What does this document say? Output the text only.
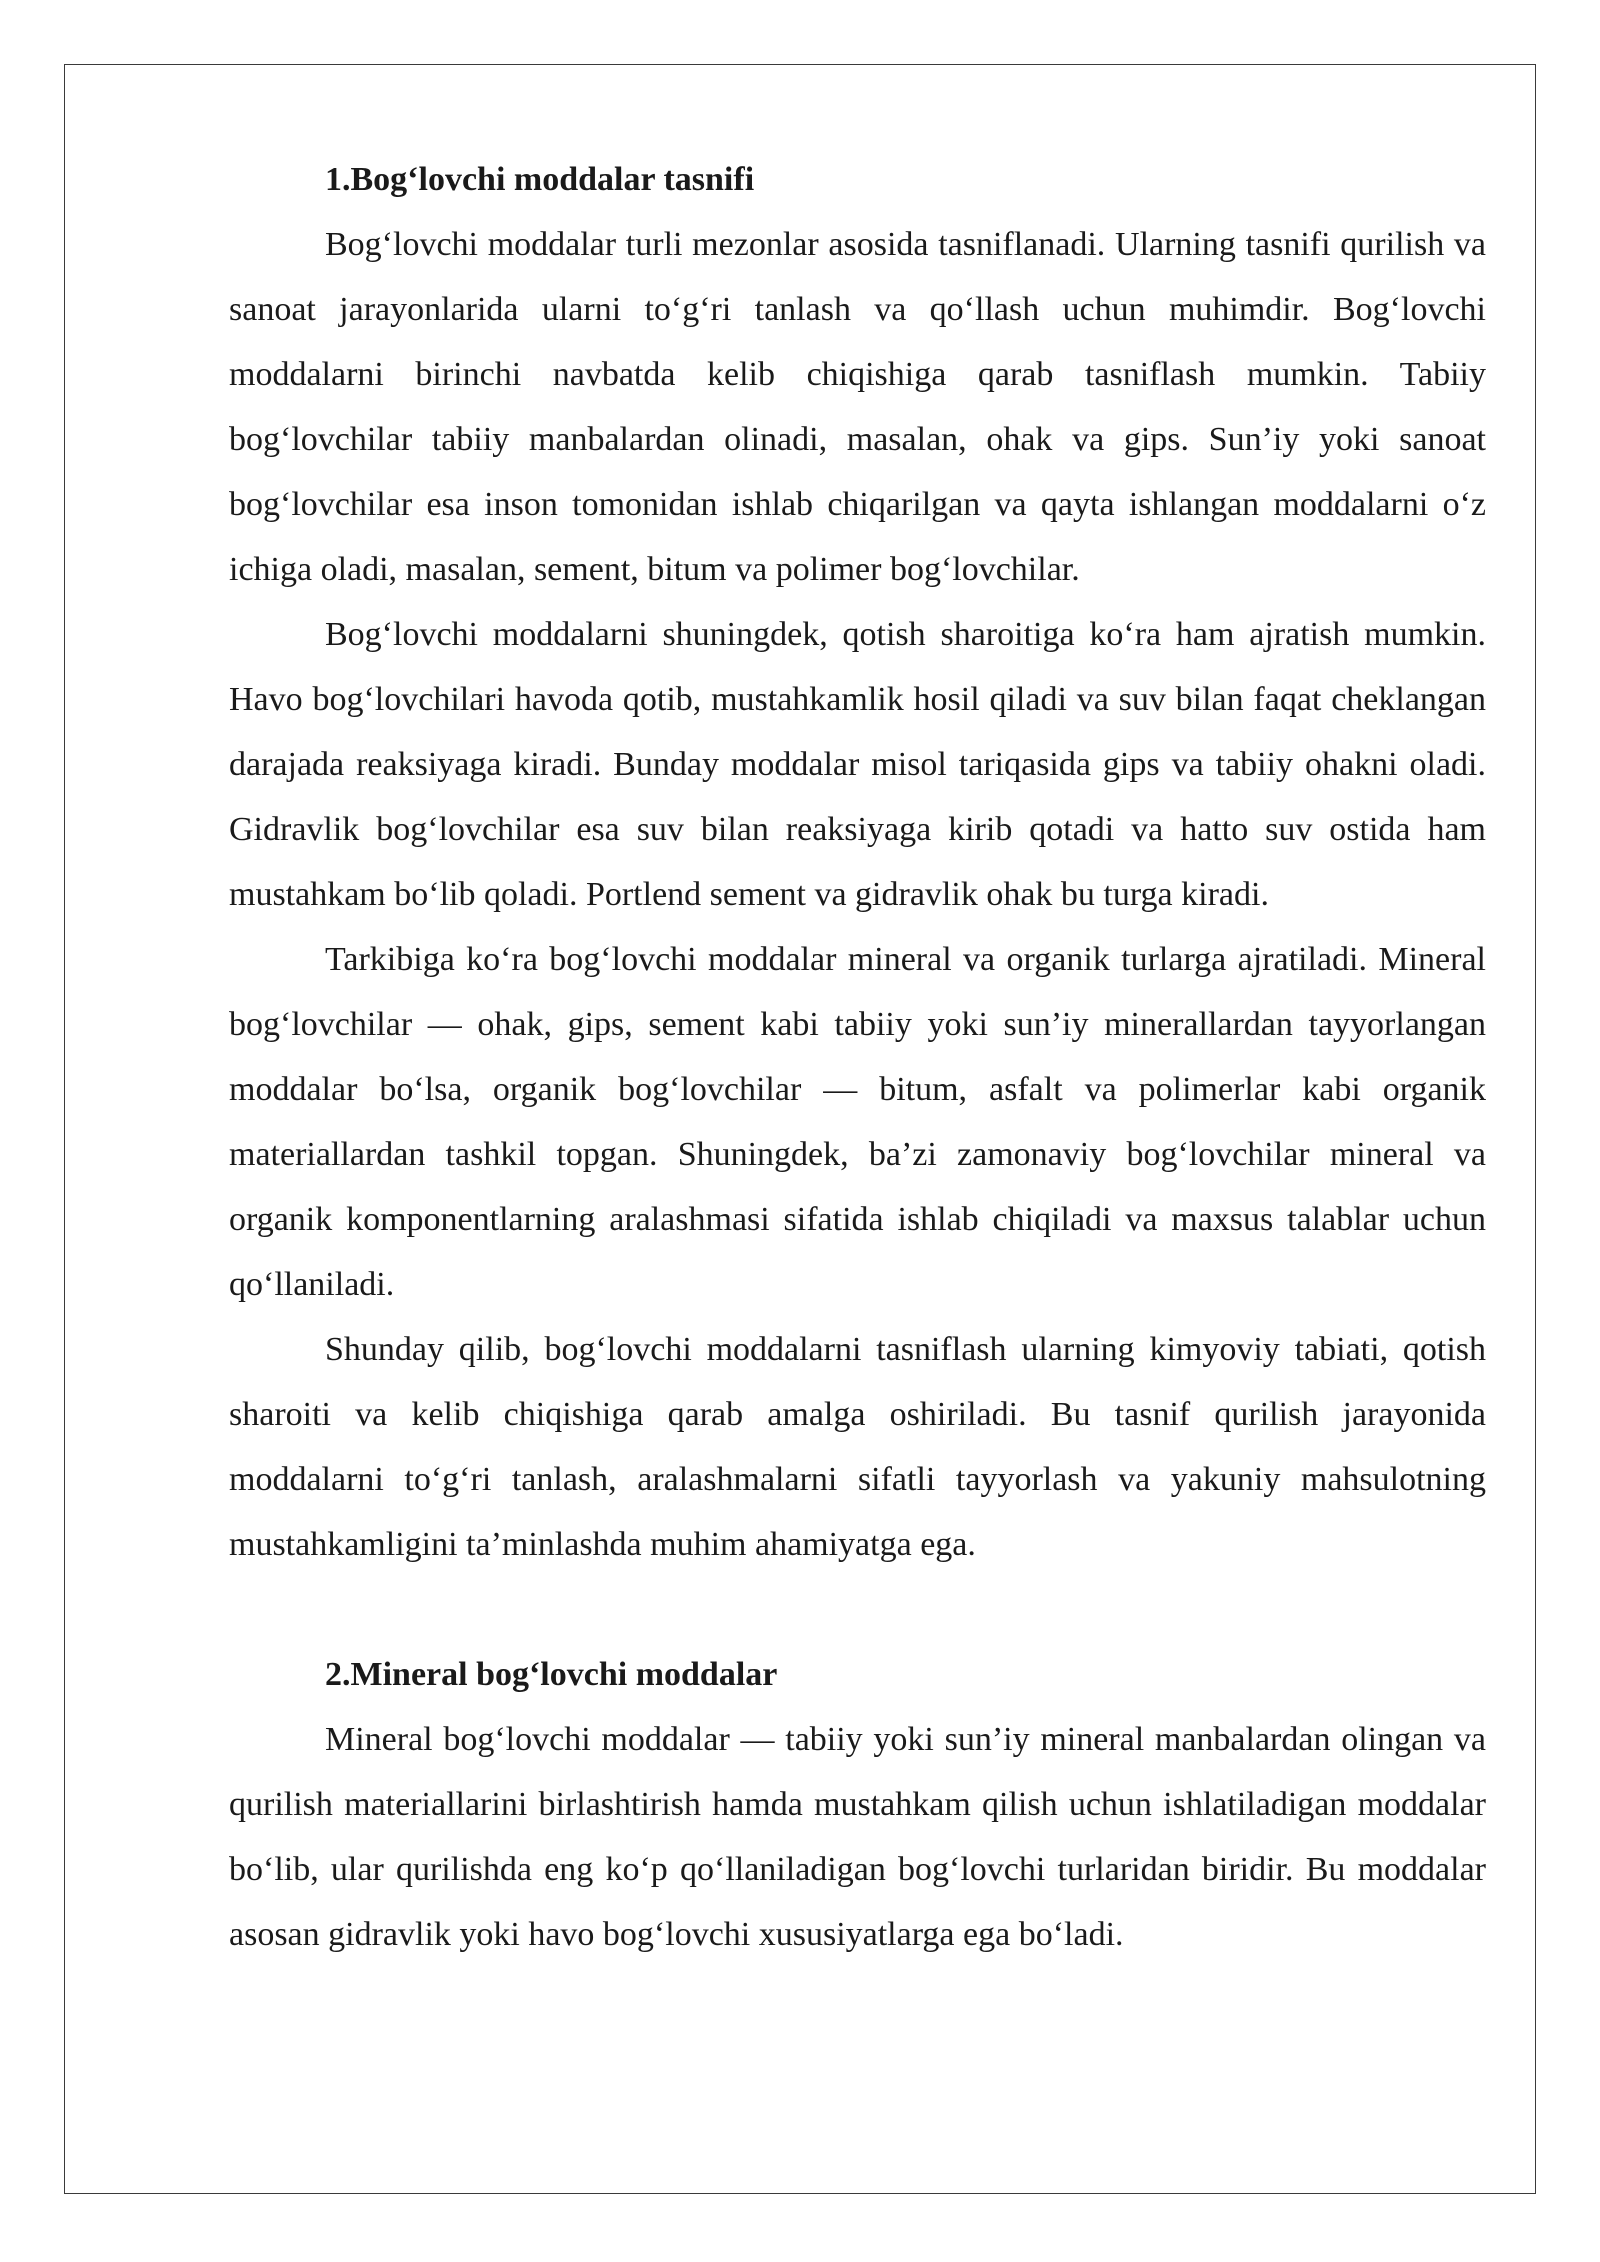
1.Bog‘lovchi moddalar tasnifi

Bog‘lovchi moddalar turli mezonlar asosida tasniflanadi. Ularning tasnifi qurilish va sanoat jarayonlarida ularni to‘g‘ri tanlash va qo‘llash uchun muhimdir. Bog‘lovchi moddalarni birinchi navbatda kelib chiqishiga qarab tasniflash mumkin. Tabiiy bog‘lovchilar tabiiy manbalardan olinadi, masalan, ohak va gips. Sun’iy yoki sanoat bog‘lovchilar esa inson tomonidan ishlab chiqarilgan va qayta ishlangan moddalarni o‘z ichiga oladi, masalan, sement, bitum va polimer bog‘lovchilar.

Bog‘lovchi moddalarni shuningdek, qotish sharoitiga ko‘ra ham ajratish mumkin. Havo bog‘lovchilari havoda qotib, mustahkamlik hosil qiladi va suv bilan faqat cheklangan darajada reaksiyaga kiradi. Bunday moddalar misol tariqasida gips va tabiiy ohakni oladi. Gidravlik bog‘lovchilar esa suv bilan reaksiyaga kirib qotadi va hatto suv ostida ham mustahkam bo‘lib qoladi. Portlend sement va gidravlik ohak bu turga kiradi.

Tarkibiga ko‘ra bog‘lovchi moddalar mineral va organik turlarga ajratiladi. Mineral bog‘lovchilar — ohak, gips, sement kabi tabiiy yoki sun’iy minerallardan tayyorlangan moddalar bo‘lsa, organik bog‘lovchilar — bitum, asfalt va polimerlar kabi organik materiallardan tashkil topgan. Shuningdek, ba’zi zamonaviy bog‘lovchilar mineral va organik komponentlarning aralashmasi sifatida ishlab chiqiladi va maxsus talablar uchun qo‘llaniladi.

Shunday qilib, bog‘lovchi moddalarni tasniflash ularning kimyoviy tabiati, qotish sharoiti va kelib chiqishiga qarab amalga oshiriladi. Bu tasnif qurilish jarayonida moddalarni to‘g‘ri tanlash, aralashmalarni sifatli tayyorlash va yakuniy mahsulotning mustahkamligini ta’minlashda muhim ahamiyatga ega.

2.Mineral bog‘lovchi moddalar

Mineral bog‘lovchi moddalar — tabiiy yoki sun’iy mineral manbalardan olingan va qurilish materiallarini birlashtirish hamda mustahkam qilish uchun ishlatiladigan moddalar bo‘lib, ular qurilishda eng ko‘p qo‘llaniladigan bog‘lovchi turlaridan biridir. Bu moddalar asosan gidravlik yoki havo bog‘lovchi xususiyatlarga ega bo‘ladi.
